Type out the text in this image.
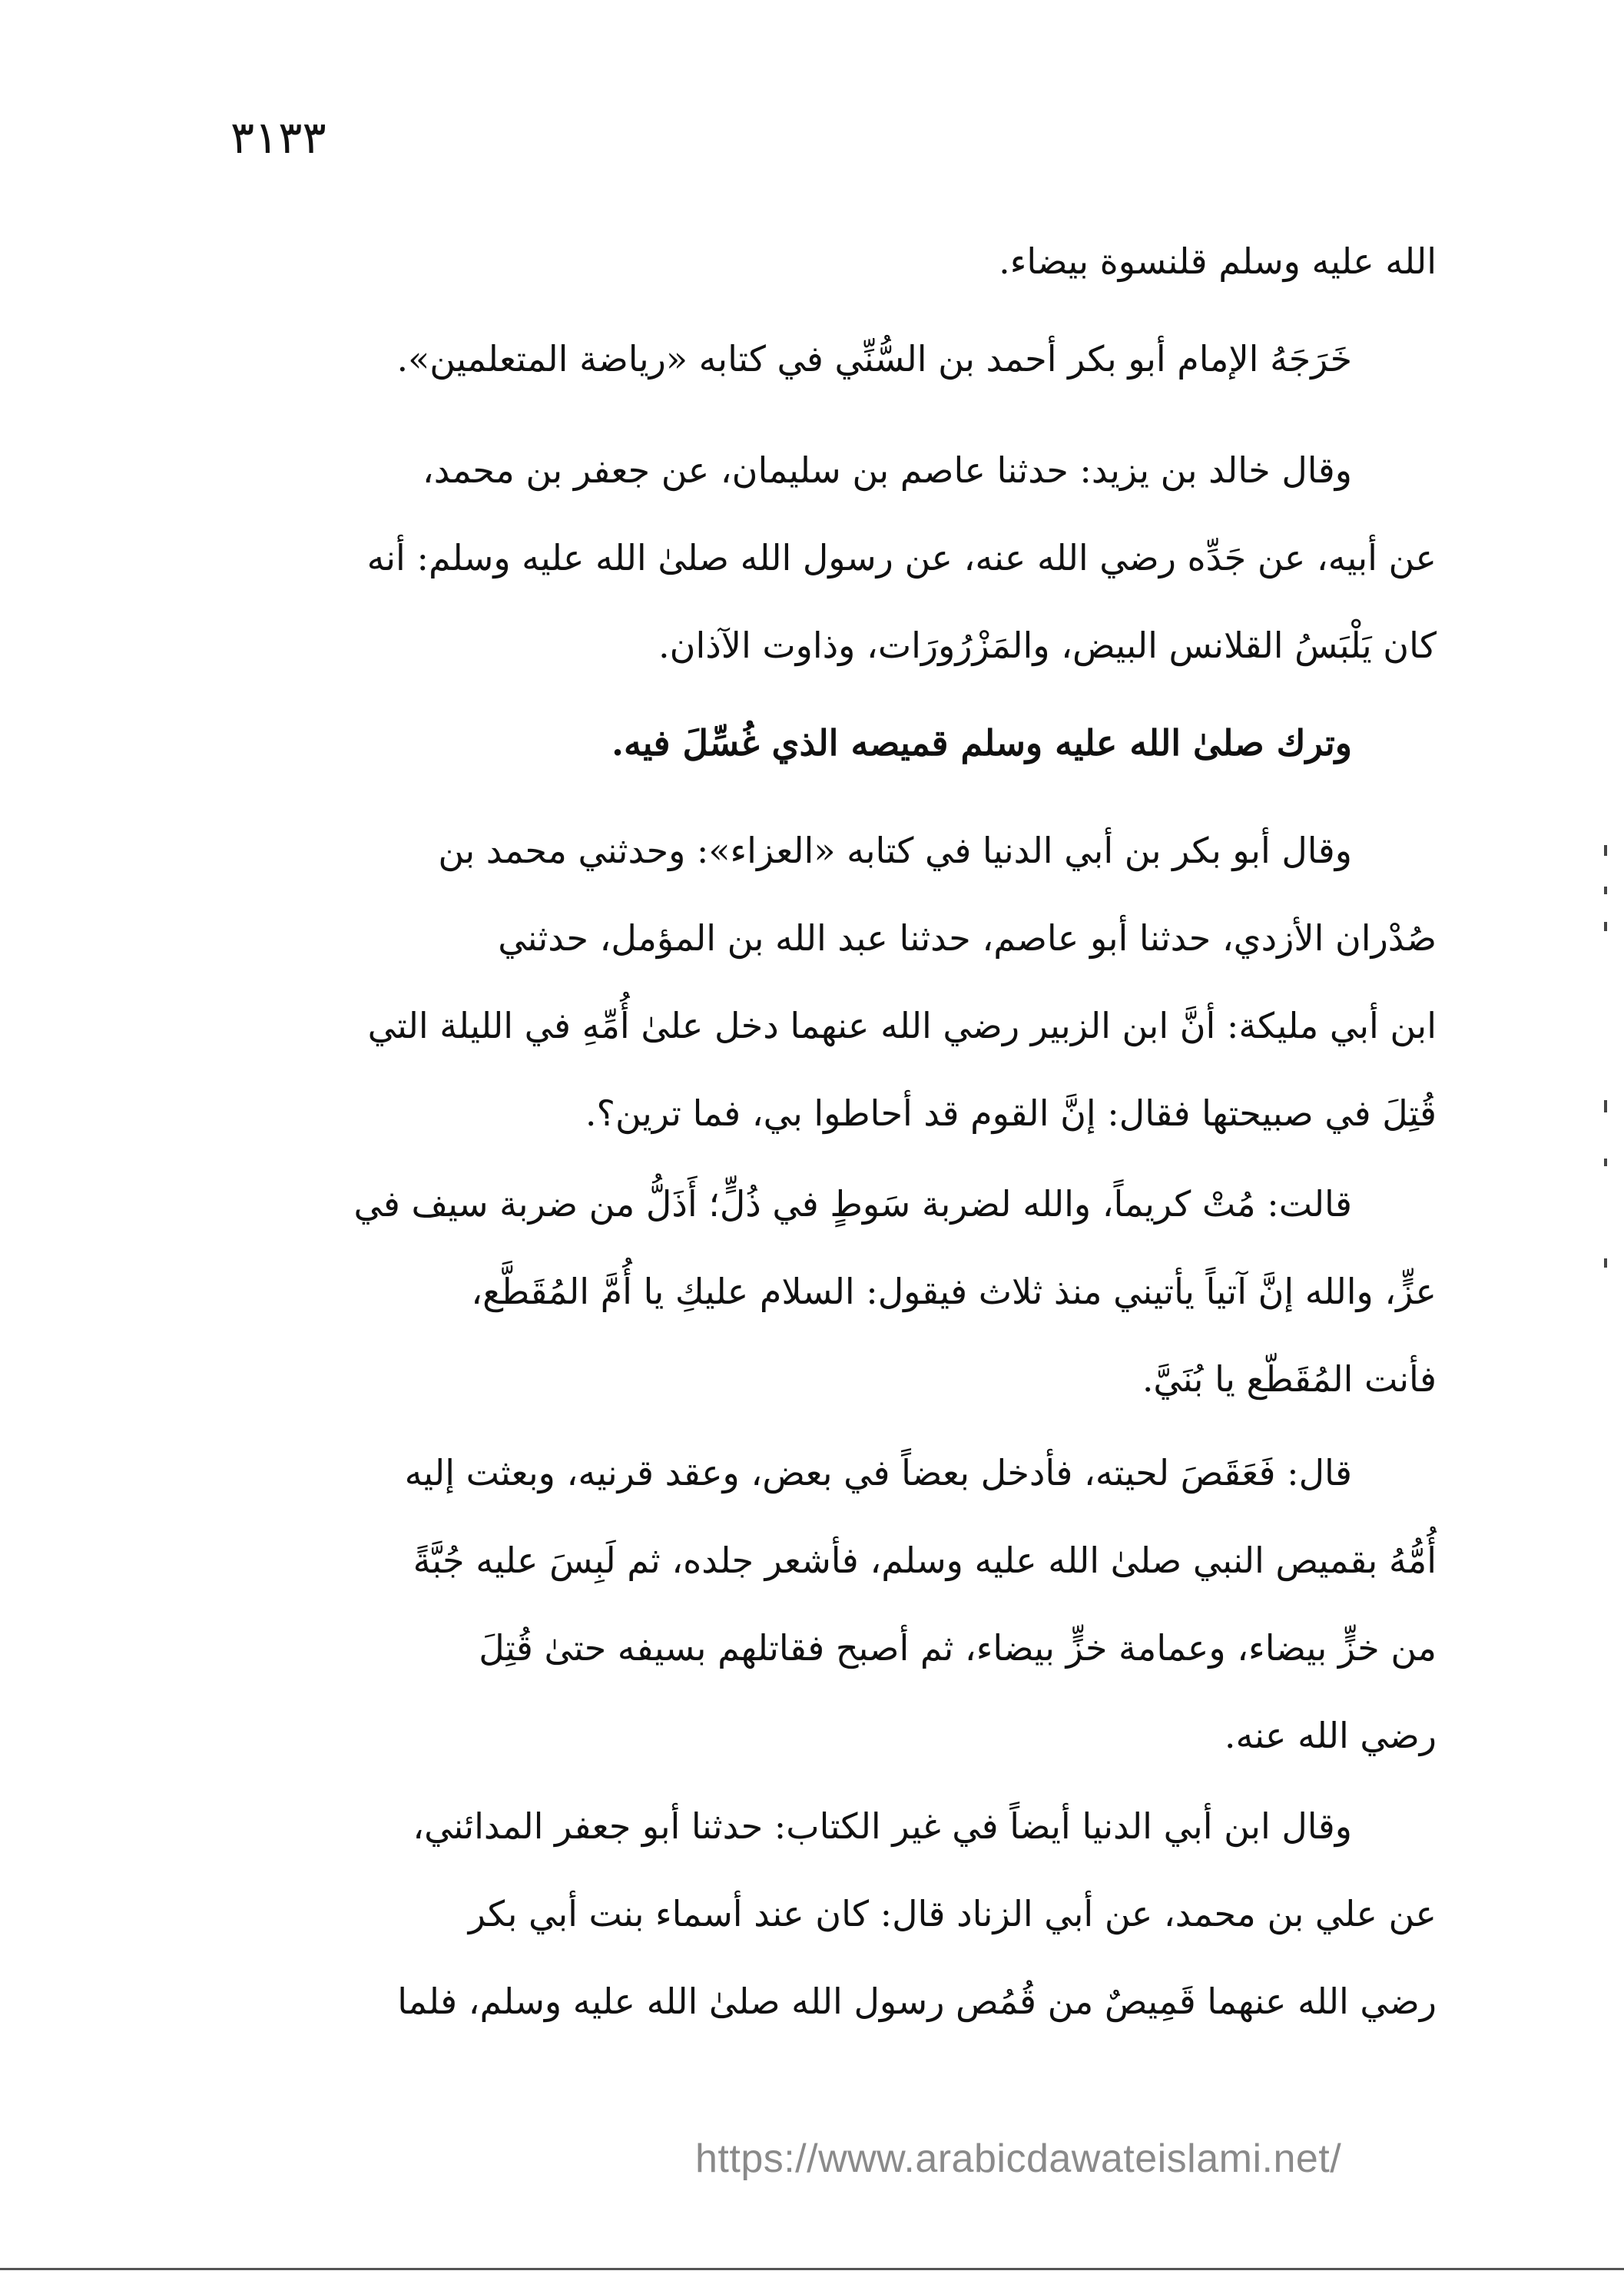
٣١٣٣
الله عليه وسلم قلنسوة بيضاء.
خَرَجَهُ الإمام أبو بكر أحمد بن السُّنِّي في كتابه «رياضة المتعلمين».
وقال خالد بن يزيد: حدثنا عاصم بن سليمان، عن جعفر بن محمد،
عن أبيه، عن جَدِّه رضي الله عنه، عن رسول الله صلىٰ الله عليه وسلم: أنه
كان يَلْبَسُ القلانس البيض، والمَزْرُورَات، وذاوت الآذان.
وترك صلىٰ الله عليه وسلم قميصه الذي غُسِّلَ فيه.
وقال أبو بكر بن أبي الدنيا في كتابه «العزاء»: وحدثني محمد بن
صُدْران الأزدي، حدثنا أبو عاصم، حدثنا عبد الله بن المؤمل، حدثني
ابن أبي مليكة: أنَّ ابن الزبير رضي الله عنهما دخل علىٰ أُمِّهِ في الليلة التي
قُتِلَ في صبيحتها فقال: إنَّ القوم قد أحاطوا بي، فما ترين؟.
قالت: مُتْ كريماً، والله لضربة سَوطٍ في ذُلٍّ؛ أَذَلُّ من ضربة سيف في
عزٍّ، والله إنَّ آتياً يأتيني منذ ثلاث فيقول: السلام عليكِ يا أُمَّ المُقَطَّع،
فأنت المُقَطّع يا بُنَيَّ.
قال: فَعَقَصَ لحيته، فأدخل بعضاً في بعض، وعقد قرنيه، وبعثت إليه
أُمُّهُ بقميص النبي صلىٰ الله عليه وسلم، فأشعر جلده، ثم لَبِسَ عليه جُبَّةً
من خزٍّ بيضاء، وعمامة خزٍّ بيضاء، ثم أصبح فقاتلهم بسيفه حتىٰ قُتِلَ
رضي الله عنه.
وقال ابن أبي الدنيا أيضاً في غير الكتاب: حدثنا أبو جعفر المدائني،
عن علي بن محمد، عن أبي الزناد قال: كان عند أسماء بنت أبي بكر
رضي الله عنهما قَمِيصٌ من قُمُص رسول الله صلىٰ الله عليه وسلم، فلما
https://www.arabicdawateislami.net/
